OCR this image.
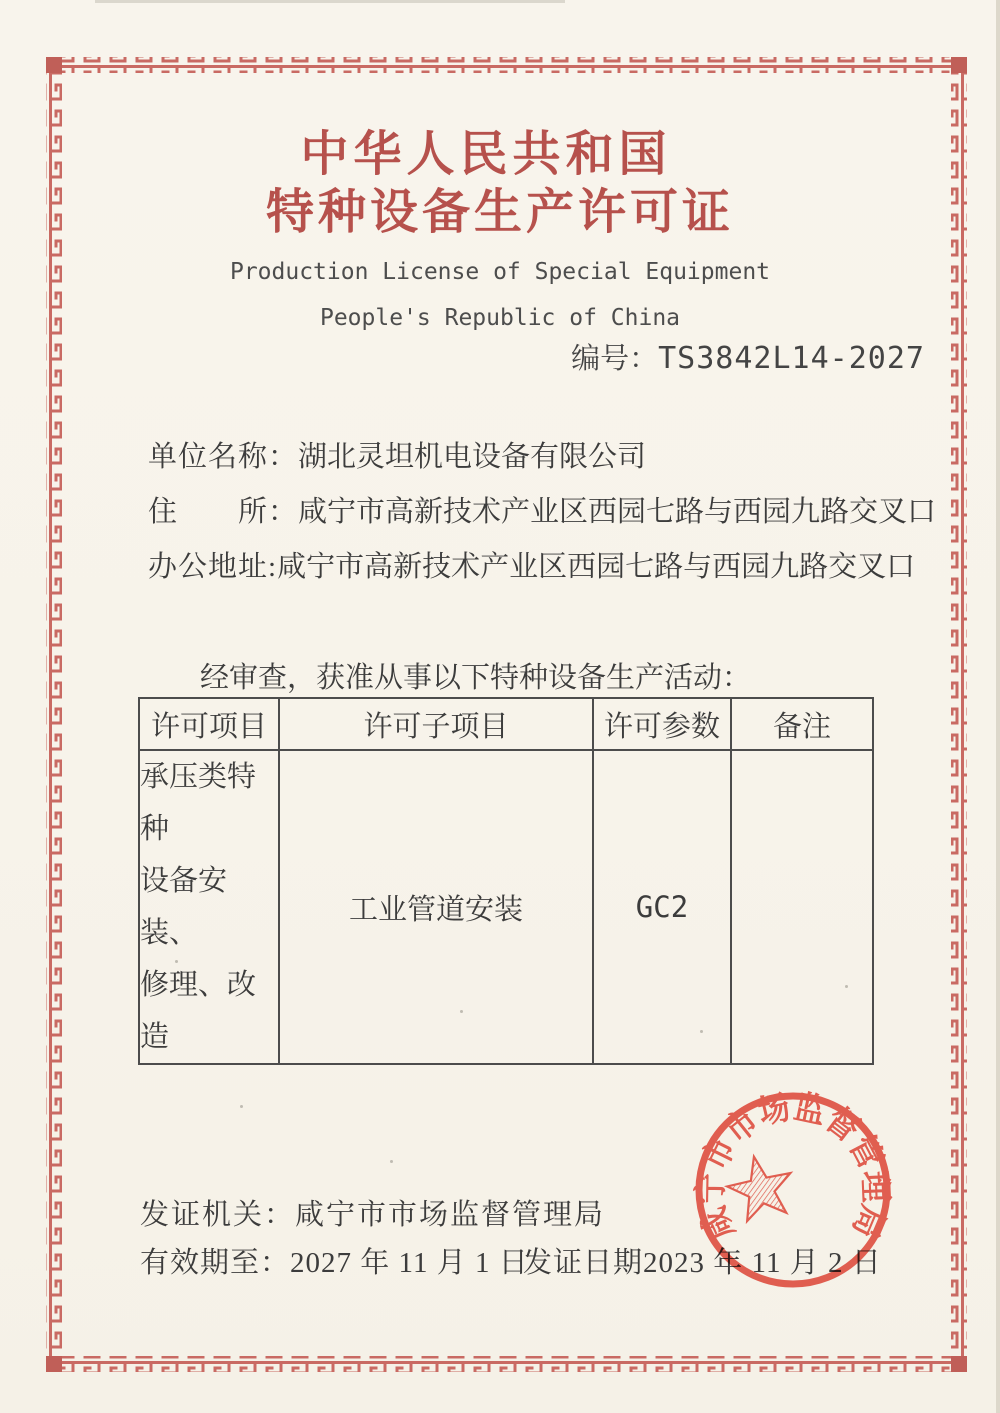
中华人民共和国
特种设备生产许可证
Production License of Special Equipment
People's Republic of China
编号：TS3842L14-2027
单位名称：湖北灵坦机电设备有限公司
住　　所：咸宁市高新技术产业区西园七路与西园九路交叉口
办公地址:咸宁市高新技术产业区西园七路与西园九路交叉口
经审查，获准从事以下特种设备生产活动：
许可项目	许可子项目	许可参数	备注

承压类特种
设备安装、
修理、改造	工业管道安装	GC2	
发证机关：咸宁市市场监督管理局
有效期至：2027 年 11 月 1 日
发证日期2023 年 11 月 2 日
咸宁市市场监督管理局
